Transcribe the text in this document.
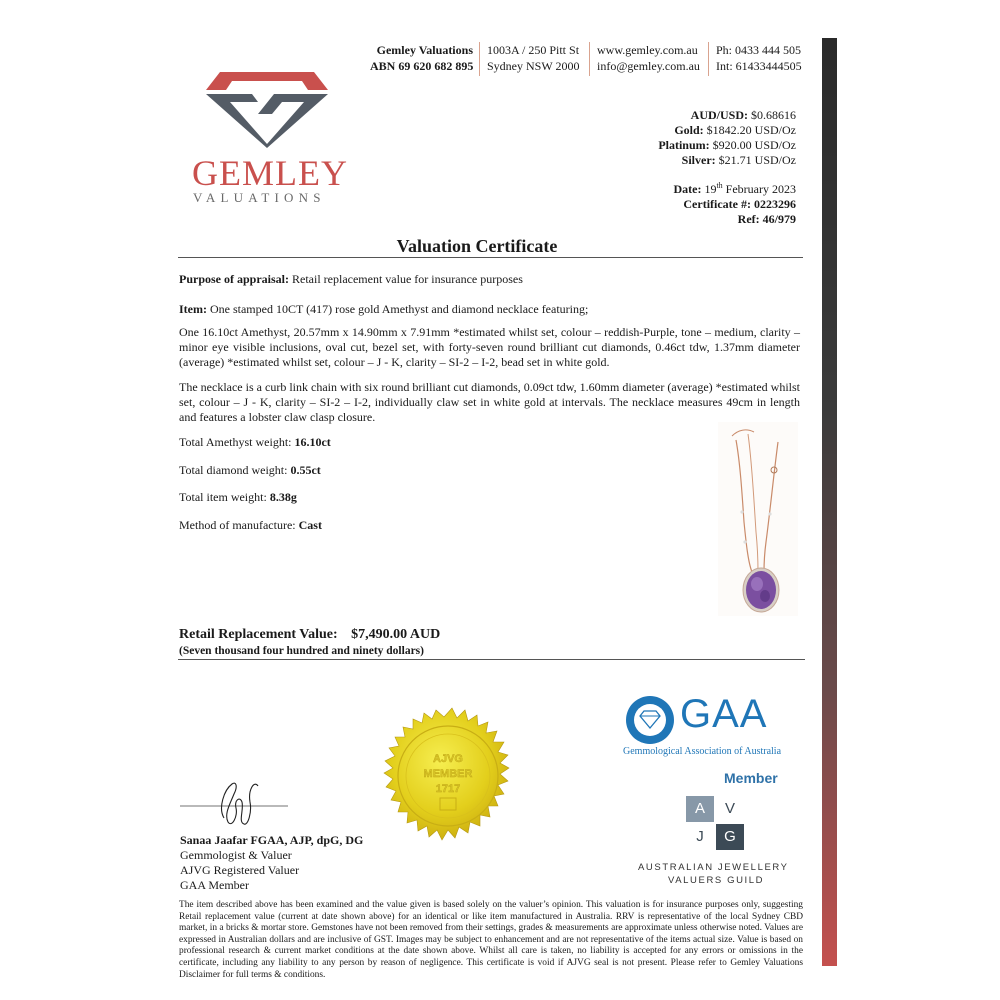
GEMLEY
VALUATIONS
Gemley Valuations
ABN 69 620 682 895
1003A / 250 Pitt St
Sydney NSW 2000
www.gemley.com.au
info@gemley.com.au
Ph: 0433 444 505
Int: 61433444505
AUD/USD: $0.68616
Gold: $1842.20 USD/Oz
Platinum: $920.00 USD/Oz
Silver: $21.71 USD/Oz
Date: 19th February 2023
Certificate #: 0223296
Ref: 46/979
Valuation Certificate
Purpose of appraisal: Retail replacement value for insurance purposes
Item: One stamped 10CT (417) rose gold Amethyst and diamond necklace featuring;
One 16.10ct Amethyst, 20.57mm x 14.90mm x 7.91mm *estimated whilst set, colour – reddish-Purple, tone – medium, clarity – minor eye visible inclusions, oval cut, bezel set, with forty-seven round brilliant cut diamonds, 0.46ct tdw, 1.37mm diameter (average) *estimated whilst set, colour – J - K, clarity – SI-2 – I-2, bead set in white gold.
The necklace is a curb link chain with six round brilliant cut diamonds, 0.09ct tdw, 1.60mm diameter (average) *estimated whilst set, colour – J - K, clarity – SI-2 – I-2, individually claw set in white gold at intervals. The necklace measures 49cm in length and features a lobster claw clasp closure.
Total Amethyst weight: 16.10ct
Total diamond weight: 0.55ct
Total item weight: 8.38g
Method of manufacture: Cast
Retail Replacement Value: $7,490.00 AUD
(Seven thousand four hundred and ninety dollars)
AJVG
MEMBER
1717
Sanaa Jaafar FGAA, AJP, dpG, DG
Gemmologist & Valuer
AJVG Registered Valuer
GAA Member
GAA
Gemmological Association of Australia
Member
A	V
J	G
AUSTRALIAN JEWELLERY
VALUERS GUILD
The item described above has been examined and the value given is based solely on the valuer’s opinion. This valuation is for insurance purposes only, suggesting Retail replacement value (current at date shown above) for an identical or like item manufactured in Australia. RRV is representative of the local Sydney CBD market, in a bricks & mortar store. Gemstones have not been removed from their settings, grades & measurements are approximate unless otherwise noted. Values are expressed in Australian dollars and are inclusive of GST. Images may be subject to enhancement and are not representative of the items actual size. Value is based on professional research & current market conditions at the date shown above. Whilst all care is taken, no liability is accepted for any errors or omissions in the certificate, including any liability to any person by reason of negligence. This certificate is void if AJVG seal is not present. Please refer to Gemley Valuations Disclaimer for full terms & conditions.
